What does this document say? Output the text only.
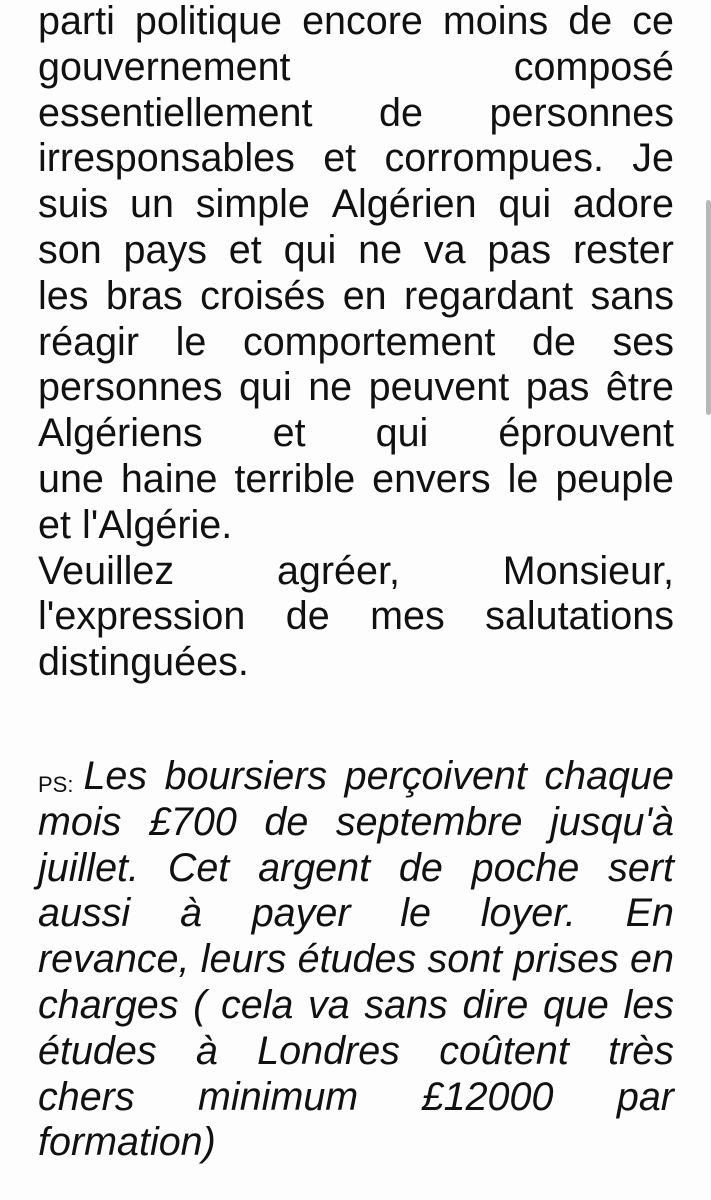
parti politique encore moins de ce
gouvernement	composé
essentiellement de personnes
irresponsables et corrompues. Je
suis un simple Algérien qui adore
son pays et qui ne va pas rester
les bras croisés en regardant sans
réagir le comportement de ses
personnes qui ne peuvent pas être
Algériens et qui éprouvent
une haine terrible envers le peuple
et l'Algérie.
Veuillez	agréer,	Monsieur,
l'expression de mes salutations
distinguées.
PS: Les boursiers perçoivent chaque
mois £700 de septembre jusqu'à
juillet. Cet argent de poche sert
aussi à payer le loyer. En
revance, leurs études sont prises en
charges ( cela va sans dire que les
études à Londres coûtent très
chers minimum £12000 par
formation)
